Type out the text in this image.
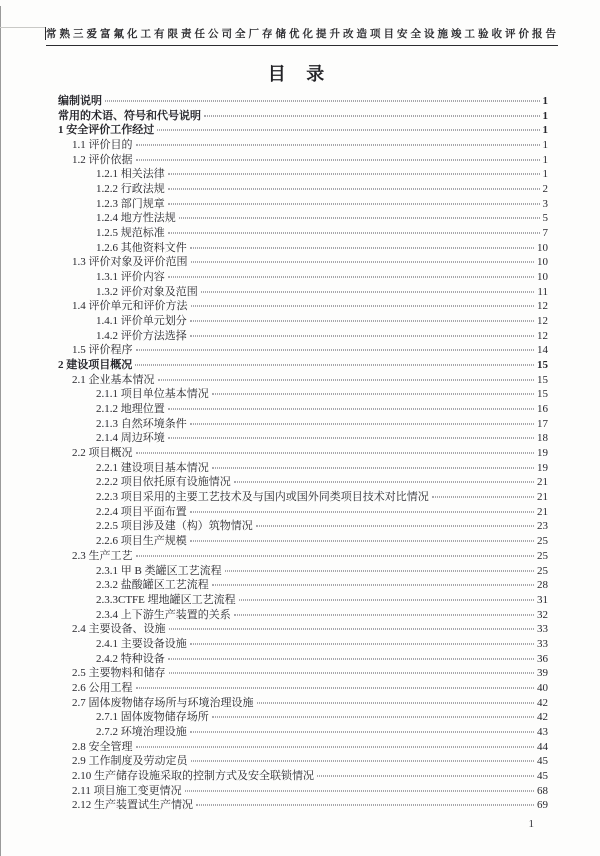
常熟三爱富氟化工有限责任公司全厂存储优化提升改造项目安全设施竣工验收评价报告
目 录
编制说明	1
常用的术语、符号和代号说明	1
1 安全评价工作经过	1
1.1 评价目的	1
1.2 评价依据	1
1.2.1 相关法律	1
1.2.2 行政法规	2
1.2.3 部门规章	3
1.2.4 地方性法规	5
1.2.5 规范标准	7
1.2.6 其他资料文件	10
1.3 评价对象及评价范围	10
1.3.1 评价内容	10
1.3.2 评价对象及范围	11
1.4 评价单元和评价方法	12
1.4.1 评价单元划分	12
1.4.2 评价方法选择	12
1.5 评价程序	14
2 建设项目概况	15
2.1 企业基本情况	15
2.1.1 项目单位基本情况	15
2.1.2 地理位置	16
2.1.3 自然环境条件	17
2.1.4 周边环境	18
2.2 项目概况	19
2.2.1 建设项目基本情况	19
2.2.2 项目依托原有设施情况	21
2.2.3 项目采用的主要工艺技术及与国内或国外同类项目技术对比情况	21
2.2.4 项目平面布置	21
2.2.5 项目涉及建（构）筑物情况	23
2.2.6 项目生产规模	25
2.3 生产工艺	25
2.3.1 甲 B 类罐区工艺流程	25
2.3.2 盐酸罐区工艺流程	28
2.3.3CTFE 埋地罐区工艺流程	31
2.3.4 上下游生产装置的关系	32
2.4 主要设备、设施	33
2.4.1 主要设备设施	33
2.4.2 特种设备	36
2.5 主要物料和储存	39
2.6 公用工程	40
2.7 固体废物储存场所与环境治理设施	42
2.7.1 固体废物储存场所	42
2.7.2 环境治理设施	43
2.8 安全管理	44
2.9 工作制度及劳动定员	45
2.10 生产储存设施采取的控制方式及安全联锁情况	45
2.11 项目施工变更情况	68
2.12 生产装置试生产情况	69
1
